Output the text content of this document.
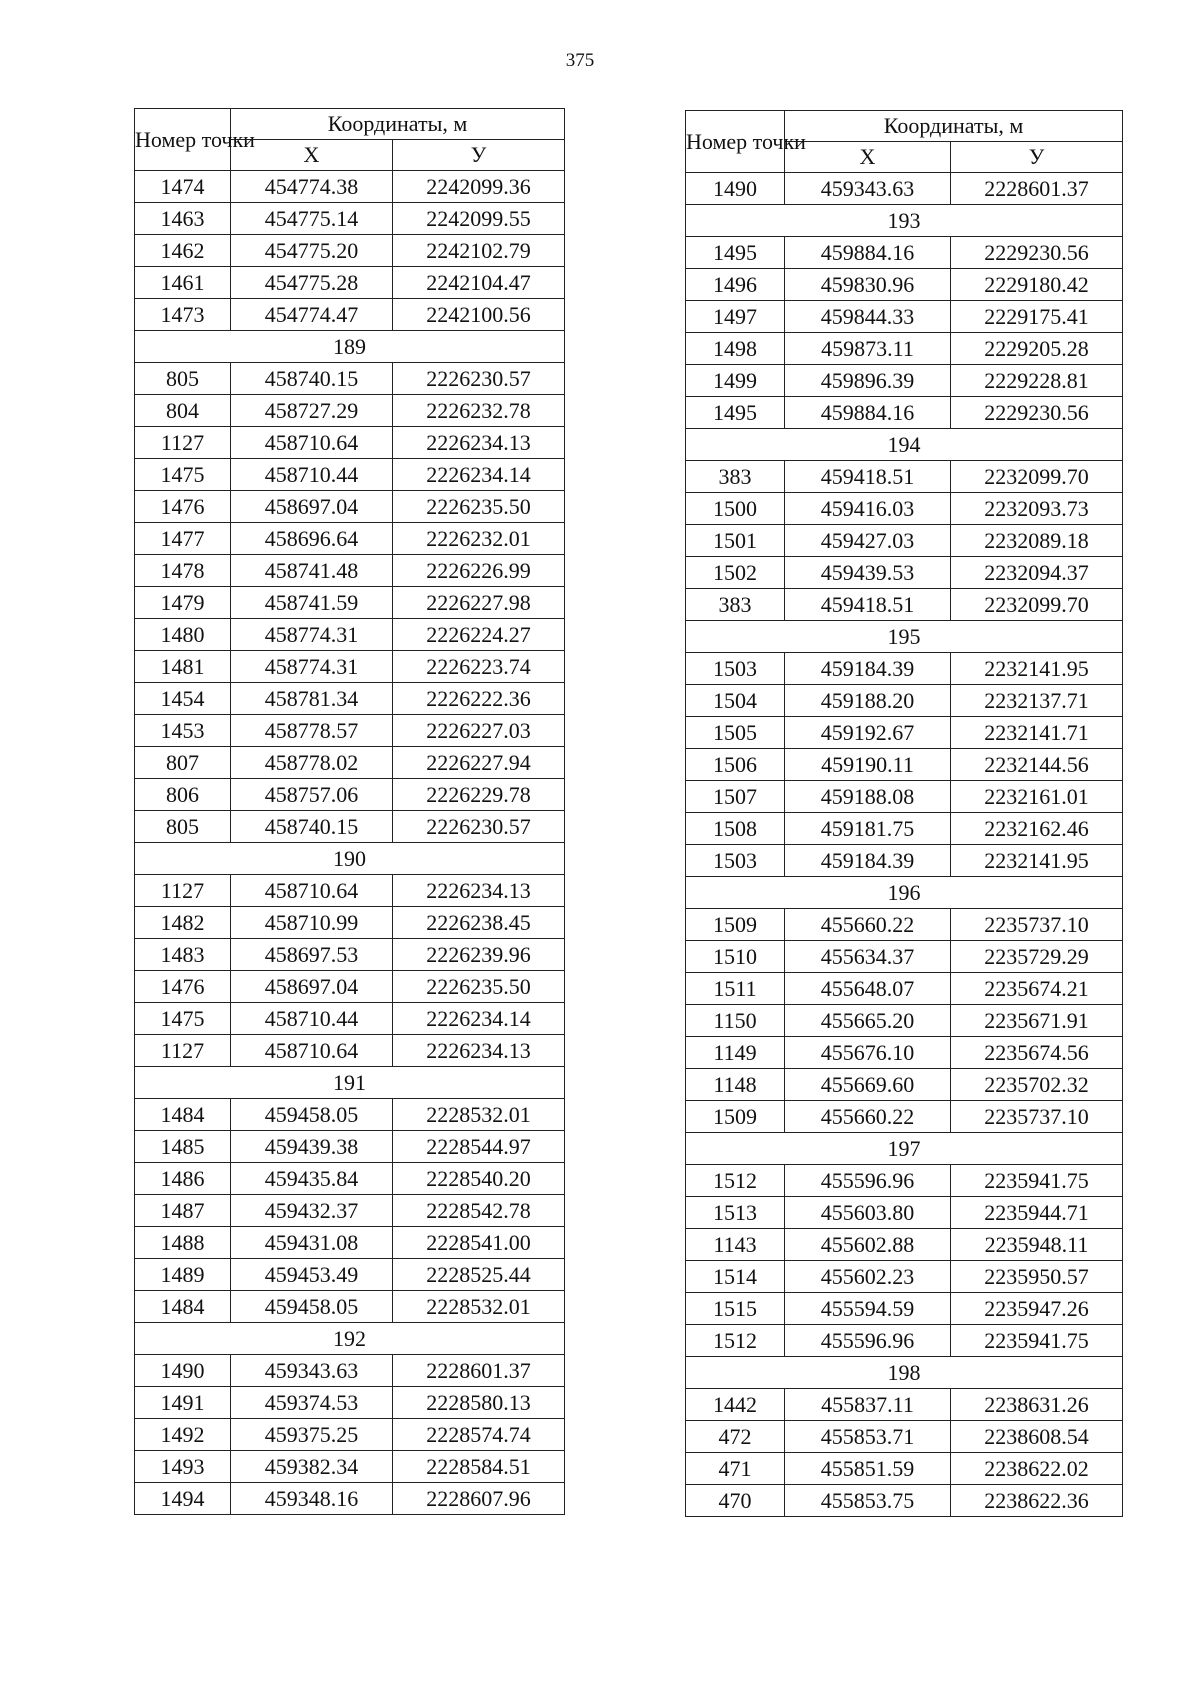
375
Номер точки	Координаты, м	
	X	У
1474	454774.38	2242099.36
1463	454775.14	2242099.55
1462	454775.20	2242102.79
1461	454775.28	2242104.47
1473	454774.47	2242100.56
189		
805	458740.15	2226230.57
804	458727.29	2226232.78
1127	458710.64	2226234.13
1475	458710.44	2226234.14
1476	458697.04	2226235.50
1477	458696.64	2226232.01
1478	458741.48	2226226.99
1479	458741.59	2226227.98
1480	458774.31	2226224.27
1481	458774.31	2226223.74
1454	458781.34	2226222.36
1453	458778.57	2226227.03
807	458778.02	2226227.94
806	458757.06	2226229.78
805	458740.15	2226230.57
190		
1127	458710.64	2226234.13
1482	458710.99	2226238.45
1483	458697.53	2226239.96
1476	458697.04	2226235.50
1475	458710.44	2226234.14
1127	458710.64	2226234.13
191		
1484	459458.05	2228532.01
1485	459439.38	2228544.97
1486	459435.84	2228540.20
1487	459432.37	2228542.78
1488	459431.08	2228541.00
1489	459453.49	2228525.44
1484	459458.05	2228532.01
192		
1490	459343.63	2228601.37
1491	459374.53	2228580.13
1492	459375.25	2228574.74
1493	459382.34	2228584.51
1494	459348.16	2228607.96
Номер точки	Координаты, м	
	X	У
1490	459343.63	2228601.37
193		
1495	459884.16	2229230.56
1496	459830.96	2229180.42
1497	459844.33	2229175.41
1498	459873.11	2229205.28
1499	459896.39	2229228.81
1495	459884.16	2229230.56
194		
383	459418.51	2232099.70
1500	459416.03	2232093.73
1501	459427.03	2232089.18
1502	459439.53	2232094.37
383	459418.51	2232099.70
195		
1503	459184.39	2232141.95
1504	459188.20	2232137.71
1505	459192.67	2232141.71
1506	459190.11	2232144.56
1507	459188.08	2232161.01
1508	459181.75	2232162.46
1503	459184.39	2232141.95
196		
1509	455660.22	2235737.10
1510	455634.37	2235729.29
1511	455648.07	2235674.21
1150	455665.20	2235671.91
1149	455676.10	2235674.56
1148	455669.60	2235702.32
1509	455660.22	2235737.10
197		
1512	455596.96	2235941.75
1513	455603.80	2235944.71
1143	455602.88	2235948.11
1514	455602.23	2235950.57
1515	455594.59	2235947.26
1512	455596.96	2235941.75
198		
1442	455837.11	2238631.26
472	455853.71	2238608.54
471	455851.59	2238622.02
470	455853.75	2238622.36
